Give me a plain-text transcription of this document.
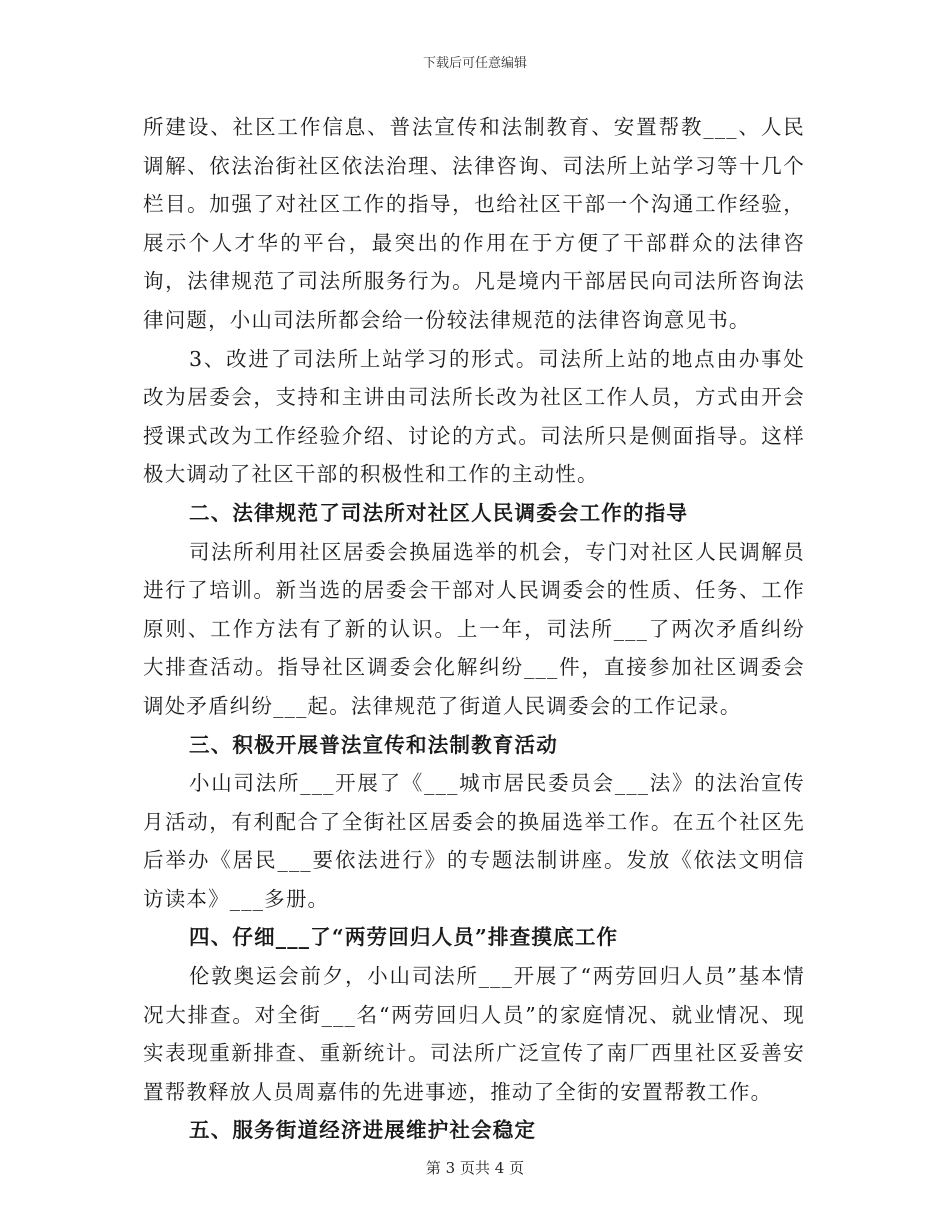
下载后可任意编辑

所建设、社区工作信息、普法宣传和法制教育、安置帮教___、人民调解、依法治街社区依法治理、法律咨询、司法所上站学习等十几个栏目。加强了对社区工作的指导，也给社区干部一个沟通工作经验，展示个人才华的平台，最突出的作用在于方便了干部群众的法律咨询，法律规范了司法所服务行为。凡是境内干部居民向司法所咨询法律问题，小山司法所都会给一份较法律规范的法律咨询意见书。

3、改进了司法所上站学习的形式。司法所上站的地点由办事处改为居委会，支持和主讲由司法所长改为社区工作人员，方式由开会授课式改为工作经验介绍、讨论的方式。司法所只是侧面指导。这样极大调动了社区干部的积极性和工作的主动性。

二、法律规范了司法所对社区人民调委会工作的指导

司法所利用社区居委会换届选举的机会，专门对社区人民调解员进行了培训。新当选的居委会干部对人民调委会的性质、任务、工作原则、工作方法有了新的认识。上一年，司法所___了两次矛盾纠纷大排查活动。指导社区调委会化解纠纷___件，直接参加社区调委会调处矛盾纠纷___起。法律规范了街道人民调委会的工作记录。

三、积极开展普法宣传和法制教育活动

小山司法所___开展了《___城市居民委员会___法》的法治宣传月活动，有利配合了全街社区居委会的换届选举工作。在五个社区先后举办《居民___要依法进行》的专题法制讲座。发放《依法文明信访读本》___多册。

四、仔细___了“两劳回归人员”排查摸底工作

伦敦奥运会前夕，小山司法所___开展了“两劳回归人员”基本情况大排查。对全街___名“两劳回归人员”的家庭情况、就业情况、现实表现重新排查、重新统计。司法所广泛宣传了南厂西里社区妥善安置帮教释放人员周嘉伟的先进事迹，推动了全街的安置帮教工作。

五、服务街道经济进展维护社会稳定

第 3 页共 4 页
